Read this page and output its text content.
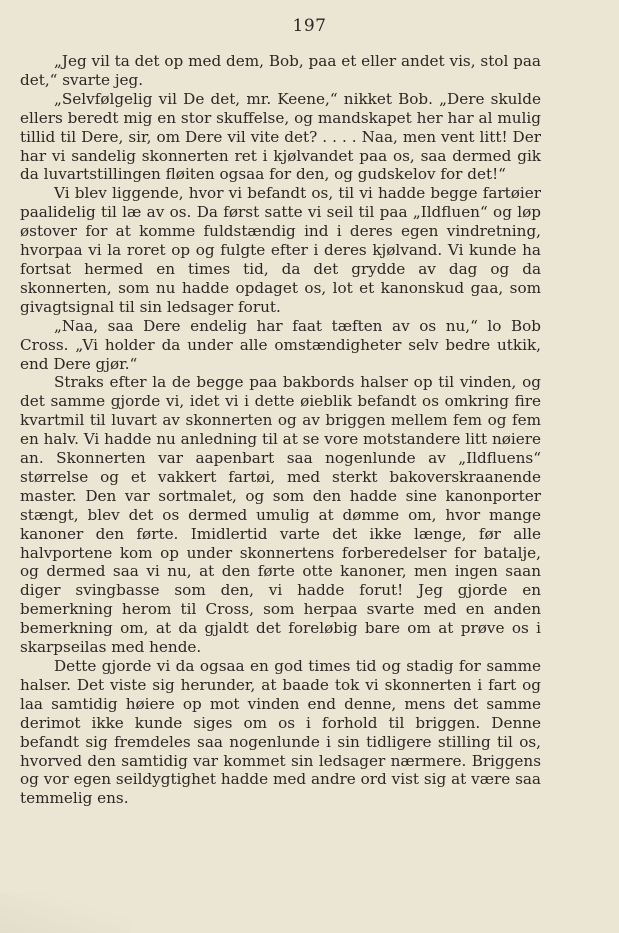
197

„Jeg vil ta det op med dem, Bob, paa et eller andet vis, stol paa det,“ svarte jeg.

„Selvfølgelig vil De det, mr. Keene,“ nikket Bob. „Dere skulde ellers beredt mig en stor skuffelse, og mandskapet her har al mulig tillid til Dere, sir, om Dere vil vite det? . . . . Naa, men vent litt! Der har vi sandelig skonnerten ret i kjølvandet paa os, saa dermed gik da luvartstillingen fløiten ogsaa for den, og gudskelov for det!“

Vi blev liggende, hvor vi befandt os, til vi hadde begge fartøier paalidelig til læ av os. Da først satte vi seil til paa „Ildfluen“ og løp østover for at komme fuldstændig ind i deres egen vindretning, hvorpaa vi la roret op og fulgte efter i deres kjølvand. Vi kunde ha fortsat hermed en times tid, da det grydde av dag og da skonnerten, som nu hadde opdaget os, lot et kanonskud gaa, som givagtsignal til sin ledsager forut.

„Naa, saa Dere endelig har faat tæften av os nu,“ lo Bob Cross. „Vi holder da under alle omstændigheter selv bedre utkik, end Dere gjør.“

Straks efter la de begge paa bakbords halser op til vinden, og det samme gjorde vi, idet vi i dette øieblik befandt os omkring fire kvartmil til luvart av skonnerten og av briggen mellem fem og fem en halv. Vi hadde nu anledning til at se vore motstandere litt nøiere an. Skonnerten var aapenbart saa nogenlunde av „Ildfluens“ størrelse og et vakkert fartøi, med sterkt bakoverskraanende master. Den var sortmalet, og som den hadde sine kanonporter stængt, blev det os dermed umulig at dømme om, hvor mange kanoner den førte. Imidlertid varte det ikke længe, før alle halvportene kom op under skonnertens forberedelser for batalje, og dermed saa vi nu, at den førte otte kanoner, men ingen saan diger svingbasse som den, vi hadde forut! Jeg gjorde en bemerkning herom til Cross, som herpaa svarte med en anden bemerkning om, at da gjaldt det foreløbig bare om at prøve os i skarpseilas med hende.

Dette gjorde vi da ogsaa en god times tid og stadig for samme halser. Det viste sig herunder, at baade tok vi skonnerten i fart og laa samtidig høiere op mot vinden end denne, mens det samme derimot ikke kunde siges om os i forhold til briggen. Denne befandt sig fremdeles saa nogenlunde i sin tidligere stilling til os, hvorved den samtidig var kommet sin ledsager nærmere. Briggens og vor egen seildygtighet hadde med andre ord vist sig at være saa temmelig ens.
